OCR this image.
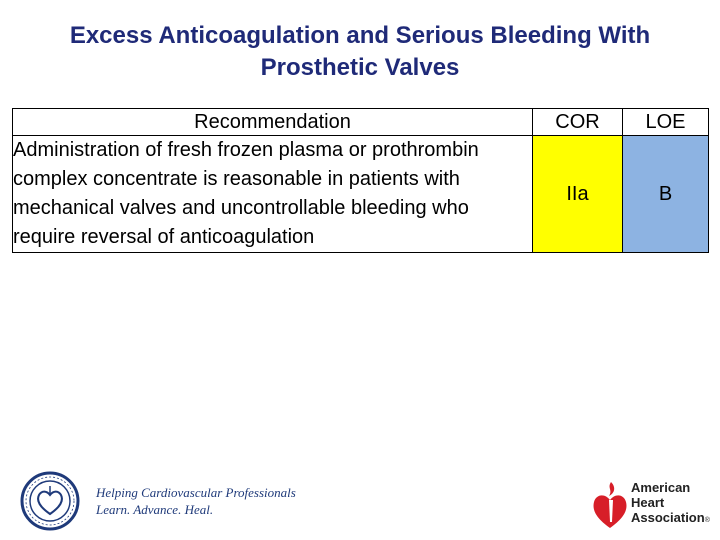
Excess Anticoagulation and Serious Bleeding With
Prosthetic Valves
Recommendation	COR	LOE
Administration of fresh frozen plasma or prothrombin complex concentrate is reasonable in patients with mechanical valves and uncontrollable bleeding who require reversal of anticoagulation	IIa	B
Helping Cardiovascular Professionals
Learn. Advance. Heal.
American
Heart
Association®
